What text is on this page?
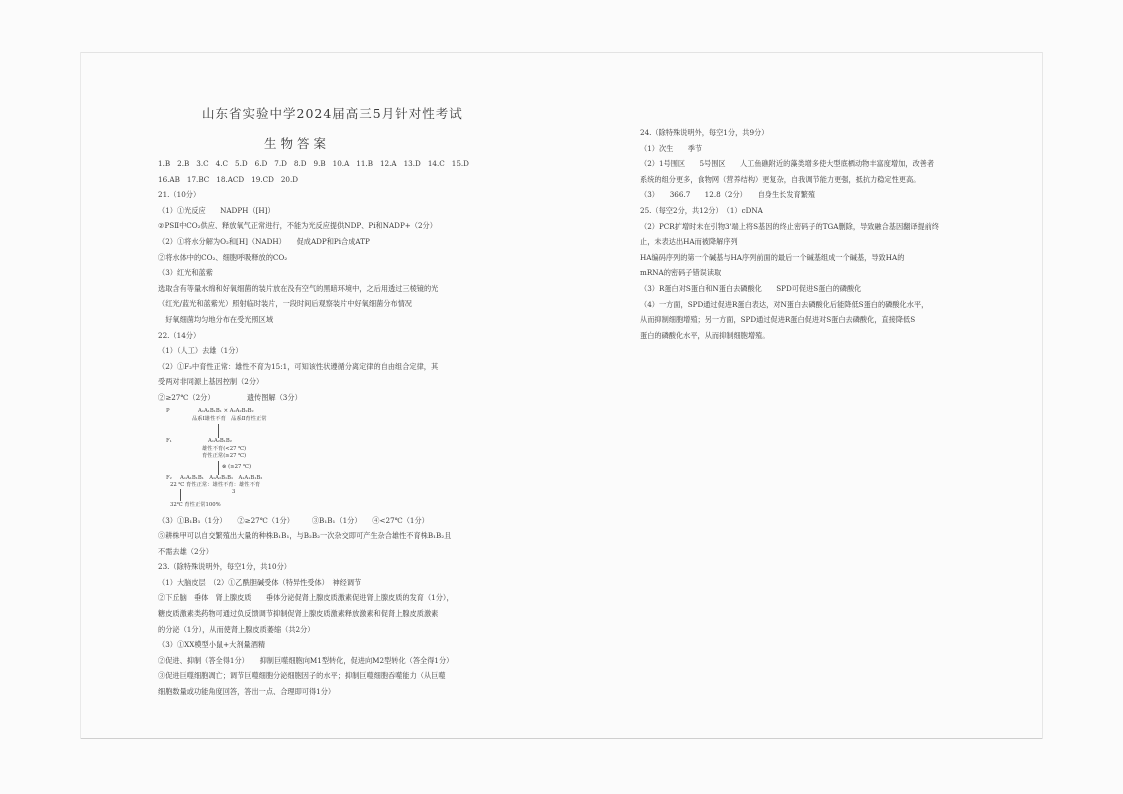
山东省实验中学2024届高三5月针对性考试
生物答案
1.B 2.B 3.C 4.C 5.D 6.D 7.D 8.D 9.B 10.A 11.B 12.A 13.D 14.C 15.D
16.AB 17.BC 18.ACD 19.CD 20.D
21.（10分）
（1）①光反应　　NADPH（[H]）
②PSⅡ中CO₂供应、释放氧气正常进行，不能为光反应提供NDP、Pi和NADP+（2分）
（2）①将水分解为O₂和[H]（NADH）　　促成ADP和Pi合成ATP
②将水体中的CO₂、细胞呼吸释放的CO₂
（3）红光和蓝紫
选取含有等量水绵和好氧细菌的装片放在没有空气的黑暗环境中，之后用透过三棱镜的光
（红光/蓝光和蓝紫光）照射临时装片，一段时间后观察装片中好氧细菌分布情况
　好氧细菌均匀地分布在受光照区域
22.（14分）
（1）（人工）去雄（1分）
（2）①F₂中育性正常：雄性不育为15:1，可知该性状遵循分离定律的自由组合定律，其
受两对非同源上基因控制（2分）
②≥27℃（2分）　　　　　遗传图解（3分）
P	A₁A₁B₁B₁ × A₂A₂B₂B₂
品系Ⅰ雄性不育　品系Ⅱ育性正常
F₁	A₁A₂B₁B₂
雄性不育(<27 ℃)
育性正常(≥27 ℃)
⊗ (≥27 ℃)
F₂ A₁A₁B₁B₁　A₁A₂B₁B₁　A₁A₁B₁B₂
22 ℃ 育性正常：雄性不育：雄性不育
3
32℃ 育性正常100%
（3）①B₁B₁（1分）　　②≥27℃（1分）　　　③B₁B₁（1分）　　④<27℃（1分）
⑤耕株甲可以自交繁殖出大量的种株B₁B₁，与B₂B₂一次杂交即可产生杂合雄性不育株B₁B₂且
不需去雄（2分）
23.（除特殊说明外，每空1分，共10分）
（1）大脑皮层　（2）①乙酰胆碱受体（特异性受体）　神经调节
②下丘脑　垂体　肾上腺皮质　　垂体分泌促肾上腺皮质激素促进肾上腺皮质的发育（1分），
糖皮质激素类药物可通过负反馈调节抑制促肾上腺皮质激素释放激素和促肾上腺皮质激素
的分泌（1分），从而使肾上腺皮质萎缩（共2分）
（3）①XX模型小鼠+大剂量酒精
②促进、抑制（答全得1分）　　抑制巨噬细胞向M1型转化，促进向M2型转化（答全得1分）
③促进巨噬细胞凋亡；调节巨噬细胞分泌细胞因子的水平；抑制巨噬细胞吞噬能力（从巨噬
细胞数量或功能角度回答，答出一点、合理即可得1分）
24.（除特殊说明外，每空1分，共9分）
（1）次生　　季节
（2）1号围区　　5号围区　　人工鱼礁附近的藻类增多使大型底栖动物丰富度增加，改善者
系统的组分更多，食物网（营养结构）更复杂，自我调节能力更强，抵抗力稳定性更高。
（3）　　366.7　　12.8（2分）　　自身生长发育繁殖
25.（每空2分，共12分）　（1）cDNA
（2）PCR扩增时未在引物3'端上将S基因的终止密码子的TGA删除，导致融合基因翻译提前终
止，未表达出HA而被降解序列
HA编码序列的第一个碱基与HA序列前面的最后一个碱基组成一个碱基，导致HA的
mRNA的密码子错误读取
（3）R蛋白对S蛋白和N蛋白去磷酸化　　SPD可促进S蛋白的磷酸化
（4）一方面，SPD通过促进R蛋白表达，对N蛋白去磷酸化后能降低S蛋白的磷酸化水平，
从而抑制细胞增殖；另一方面，SPD通过促进R蛋白促进对S蛋白去磷酸化，直接降低S
蛋白的磷酸化水平，从而抑制细胞增殖。
